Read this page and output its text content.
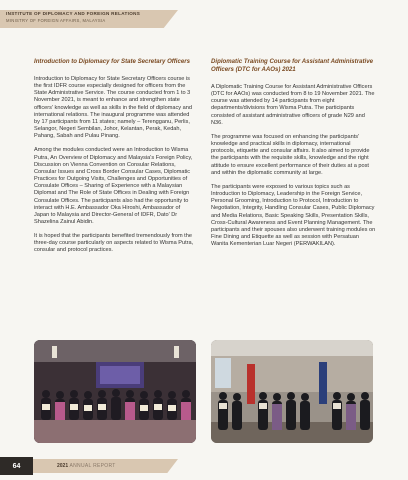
INSTITUTE OF DIPLOMACY AND FOREIGN RELATIONS
MINISTRY OF FOREIGN AFFAIRS, MALAYSIA
Introduction to Diplomacy for State Secretary Officers

Introduction to Diplomacy for State Secretary Officers course is the first IDFR course especially designed for officers from the State Administrative Service. The course conducted from 1 to 3 November 2021, is meant to enhance and strengthen state officers' knowledge as well as skills in the field of diplomacy and international relations. The inaugural programme was attended by 17 participants from 11 states; namely – Terengganu, Perlis, Selangor, Negeri Sembilan, Johor, Kelantan, Perak, Kedah, Pahang, Sabah and Pulau Pinang.

Among the modules conducted were an Introduction to Wisma Putra, An Overview of Diplomacy and Malaysia's Foreign Policy, Discussion on Vienna Convention on Consular Relations, Consular Issues and Cross Border Consular Cases, Diplomatic Practices for Outgoing Visits, Challenges and Opportunities of Consulate Offices – Sharing of Experience with a Malaysian Diplomat and The Role of State Offices in Dealing with Foreign Consulate Offices. The participants also had the opportunity to interact with H.E. Ambassador Oka Hiroshi, Ambassador of Japan to Malaysia and Director-General of IDFR, Dato' Dr Shazelina Zainul Abidin.

It is hoped that the participants benefited tremendously from the three-day course particularly on aspects related to Wisma Putra, consular and protocol practices.

Diplomatic Training Course for Assistant Administrative Officers (DTC for AAOs) 2021

A Diplomatic Training Course for Assistant Administrative Officers (DTC for AAOs) was conducted from 8 to 19 November 2021. The course was attended by 14 participants from eight departments/divisions from Wisma Putra. The participants consisted of assistant administrative officers of grade N29 and N36.

The programme was focused on enhancing the participants' knowledge and practical skills in diplomacy, international protocols, etiquette and consular affairs. It also aimed to provide the participants with the requisite skills, knowledge and the right attitude to ensure excellent performance of their duties at a post and within the diplomatic community at large.

The participants were exposed to various topics such as Introduction to Diplomacy, Leadership in the Foreign Service, Personal Grooming, Introduction to Protocol, Introduction to Negotiation, Integrity, Handling Consular Cases, Public Diplomacy and Media Relations, Basic Speaking Skills, Presentation Skills, Cross-Cultural Awareness and Event Planning Management. The participants and their spouses also underwent training modules on Fine Dining and Etiquette as well as session with Persatuan Wanita Kementerian Luar Negeri (PERWAKILAN).

64	2021 ANNUAL REPORT
